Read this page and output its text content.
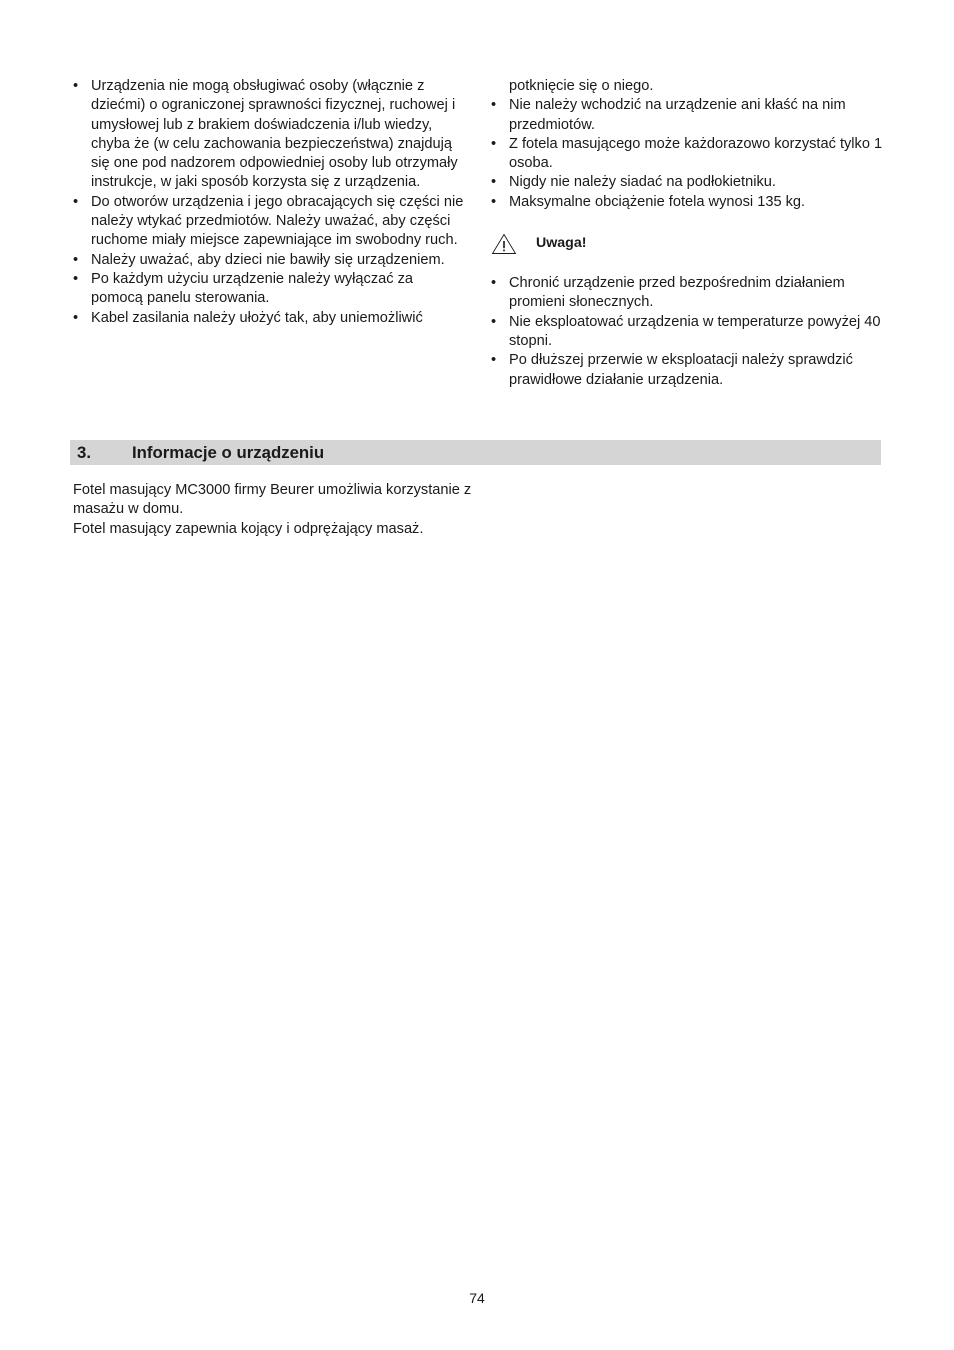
• Urządzenia nie mogą obsługiwać osoby (włącznie z dziećmi) o ograniczonej sprawności fizycznej, ruchowej i umysłowej lub z brakiem doświadczenia i/lub wiedzy, chyba że (w celu zachowania bezpieczeństwa) znajdują się one pod nadzorem odpowiedniej osoby lub otrzymały instrukcje, w jaki sposób korzysta się z urządzenia.
• Do otworów urządzenia i jego obracających się części nie należy wtykać przedmiotów. Należy uważać, aby części ruchome miały miejsce zapewniające im swobodny ruch.
• Należy uważać, aby dzieci nie bawiły się urządzeniem.
• Po każdym użyciu urządzenie należy wyłączać za pomocą panelu sterowania.
• Kabel zasilania należy ułożyć tak, aby uniemożliwić
potknięcie się o niego.
• Nie należy wchodzić na urządzenie ani kłaść na nim przedmiotów.
• Z fotela masującego może każdorazowo korzystać tylko 1 osoba.
• Nigdy nie należy siadać na podłokietniku.
• Maksymalne obciążenie fotela wynosi 135 kg.
Uwaga!
• Chronić urządzenie przed bezpośrednim działaniem promieni słonecznych.
• Nie eksploatować urządzenia w temperaturze powyżej 40 stopni.
• Po dłuższej przerwie w eksploatacji należy sprawdzić prawidłowe działanie urządzenia.
3.	Informacje o urządzeniu

Fotel masujący MC3000 firmy Beurer umożliwia korzystanie z masażu w domu.

Fotel masujący zapewnia kojący i odprężający masaż.

74
